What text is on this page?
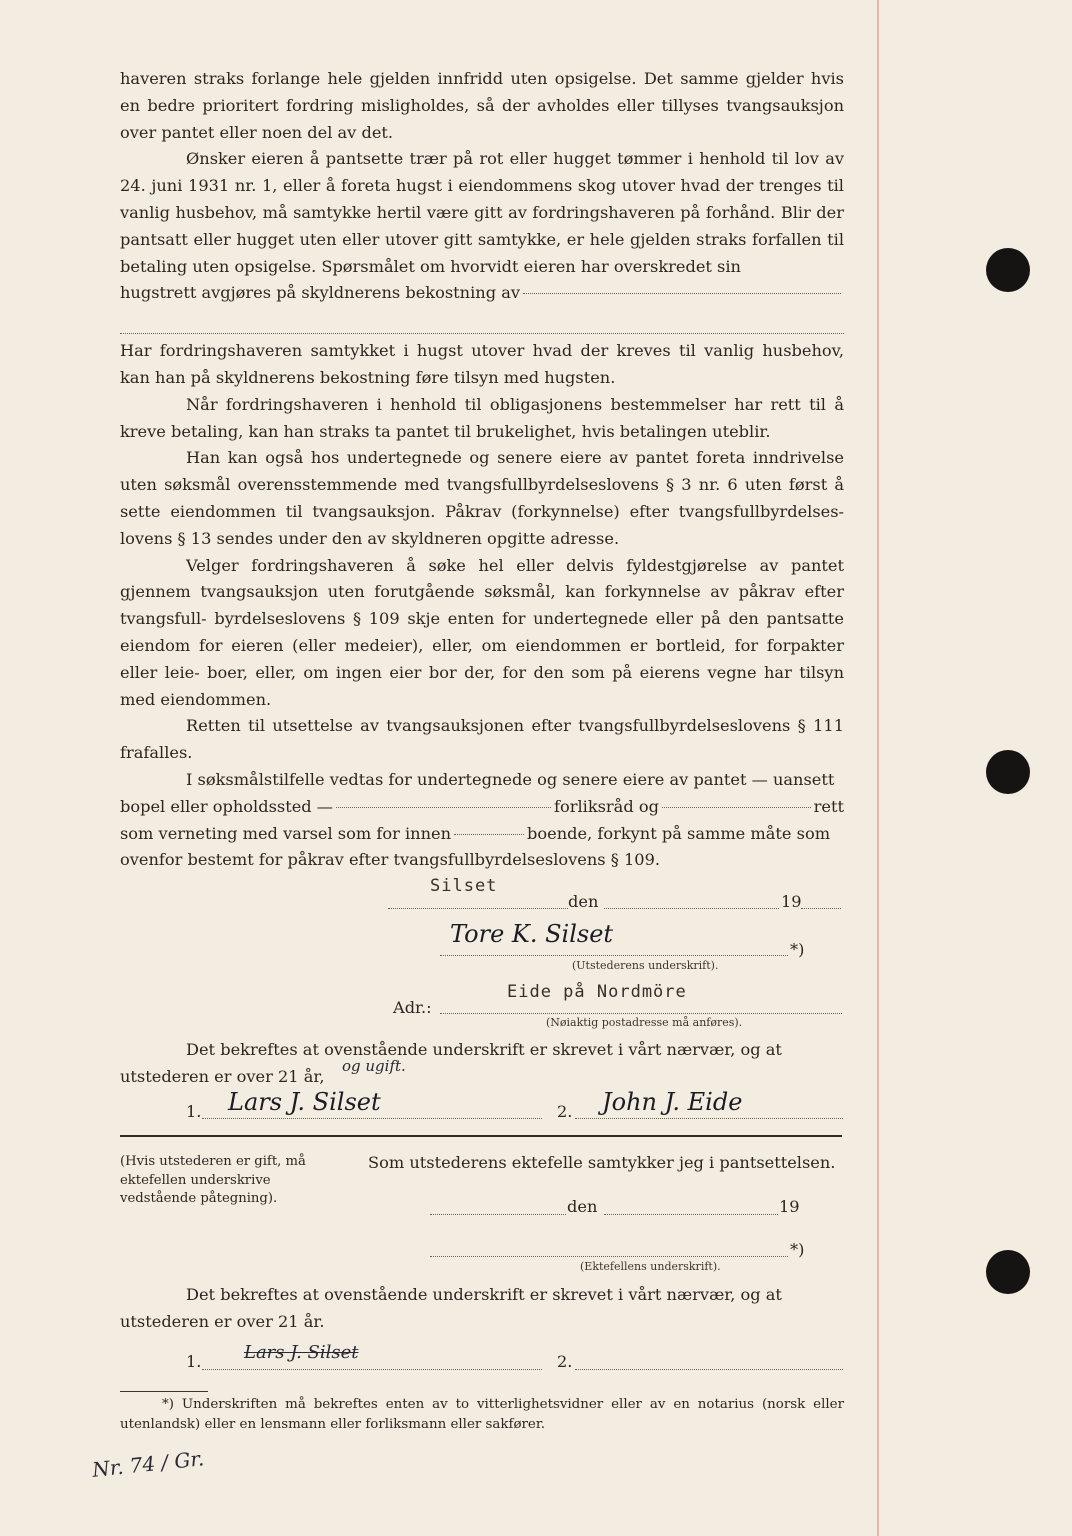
haveren straks forlange hele gjelden innfridd uten opsigelse. Det samme gjelder hvis en bedre prioritert fordring misligholdes, så der avholdes eller tillyses tvangsauksjon over pantet eller noen del av det.

Ønsker eieren å pantsette trær på rot eller hugget tømmer i henhold til lov av 24. juni 1931 nr. 1, eller å foreta hugst i eiendommens skog utover hvad der trenges til vanlig husbehov, må samtykke hertil være gitt av fordringshaveren på forhånd. Blir der pantsatt eller hugget uten eller utover gitt samtykke, er hele gjelden straks forfallen til betaling uten opsigelse. Spørsmålet om hvorvidt eieren har overskredet sin

hugstrett avgjøres på skyldnerens bekostning av

Har fordringshaveren samtykket i hugst utover hvad der kreves til vanlig husbehov, kan han på skyldnerens bekostning føre tilsyn med hugsten.

Når fordringshaveren i henhold til obligasjonens bestemmelser har rett til å kreve betaling, kan han straks ta pantet til brukelighet, hvis betalingen uteblir.

Han kan også hos undertegnede og senere eiere av pantet foreta inndrivelse uten søksmål overensstemmende med tvangsfullbyrdelseslovens § 3 nr. 6 uten først å sette eiendommen til tvangsauksjon. Påkrav (forkynnelse) efter tvangsfullbyrdelses- lovens § 13 sendes under den av skyldneren opgitte adresse.

Velger fordringshaveren å søke hel eller delvis fyldestgjørelse av pantet gjennem tvangsauksjon uten forutgående søksmål, kan forkynnelse av påkrav efter tvangsfull- byrdelseslovens § 109 skje enten for undertegnede eller på den pantsatte eiendom for eieren (eller medeier), eller, om eiendommen er bortleid, for forpakter eller leie- boer, eller, om ingen eier bor der, for den som på eierens vegne har tilsyn med eiendommen.

Retten til utsettelse av tvangsauksjonen efter tvangsfullbyrdelseslovens § 111 frafalles.

I søksmålstilfelle vedtas for undertegnede og senere eiere av pantet — uansett

bopel eller opholdssted —	forliksråd og	rett
som verneting med varsel som for innen	boende, forkynt på samme måte som

ovenfor bestemt for påkrav efter tvangsfullbyrdelseslovens § 109.

Silset
den	19
Tore K. Silset
*)
(Utstederens underskrift).
Adr.:
Eide på Nordmöre
(Nøiaktig postadresse må anføres).
Det bekreftes at ovenstående underskrift er skrevet i vårt nærvær, og at
utstederen er over 21 år,
og ugift.
1. Lars J. Silset	2. John J. Eide
(Hvis utstederen er gift, må ektefellen underskrive vedstående påtegning).
Som utstederens ektefelle samtykker jeg i pantsettelsen.
den	19
*)
(Ektefellens underskrift).
Det bekreftes at ovenstående underskrift er skrevet i vårt nærvær, og at
utstederen er over 21 år.
1. Lars J. Silset	2.
*) Underskriften må bekreftes enten av to vitterlighetsvidner eller av en notarius (norsk eller utenlandsk) eller en lensmann eller forliksmann eller sakfører.
Nr. 74 / Gr.
